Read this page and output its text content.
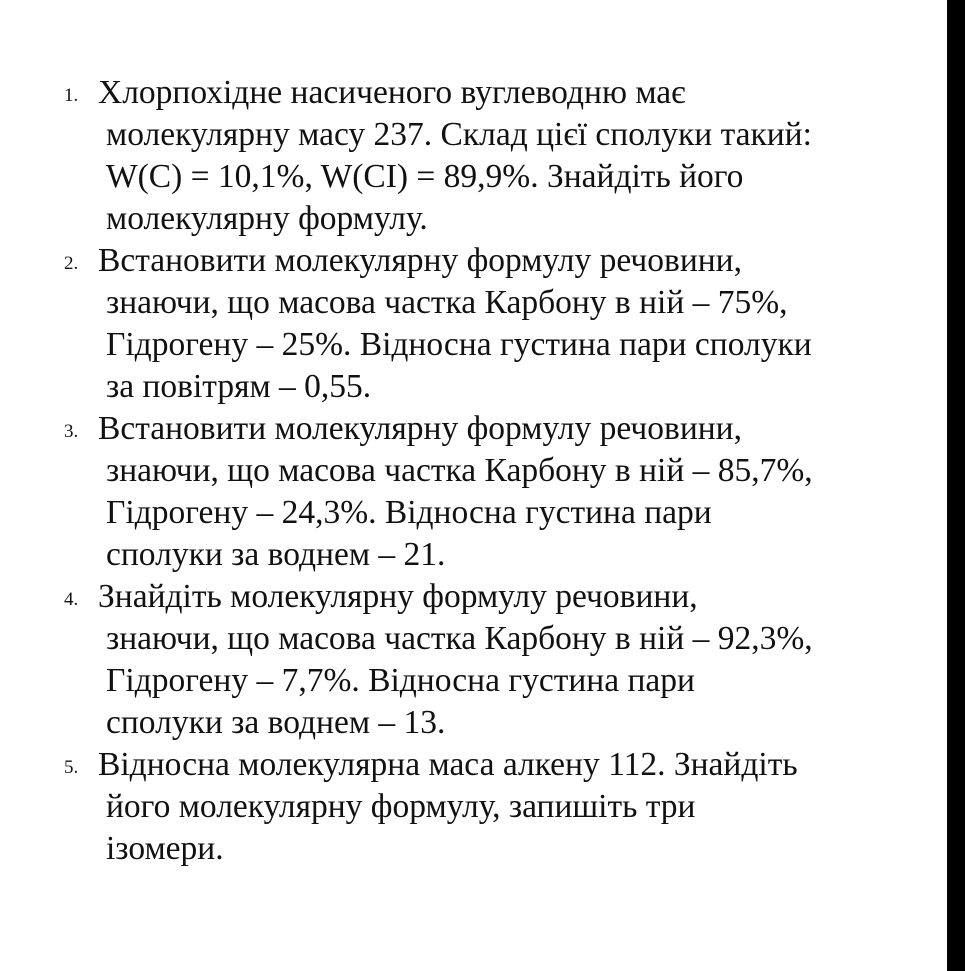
1. Хлорпохідне насиченого вуглеводню має
молекулярну масу 237. Склад цієї сполуки такий:
W(C) = 10,1%, W(CI) = 89,9%. Знайдіть його
молекулярну формулу.
2. Встановити молекулярну формулу речовини,
знаючи, що масова частка Карбону в ній – 75%,
Гідрогену – 25%. Відносна густина пари сполуки
за повітрям – 0,55.
3. Встановити молекулярну формулу речовини,
знаючи, що масова частка Карбону в ній – 85,7%,
Гідрогену – 24,3%. Відносна густина пари
сполуки за воднем – 21.
4. Знайдіть молекулярну формулу речовини,
знаючи, що масова частка Карбону в ній – 92,3%,
Гідрогену – 7,7%. Відносна густина пари
сполуки за воднем – 13.
5. Відносна молекулярна маса алкену 112. Знайдіть
його молекулярну формулу, запишіть три
ізомери.
